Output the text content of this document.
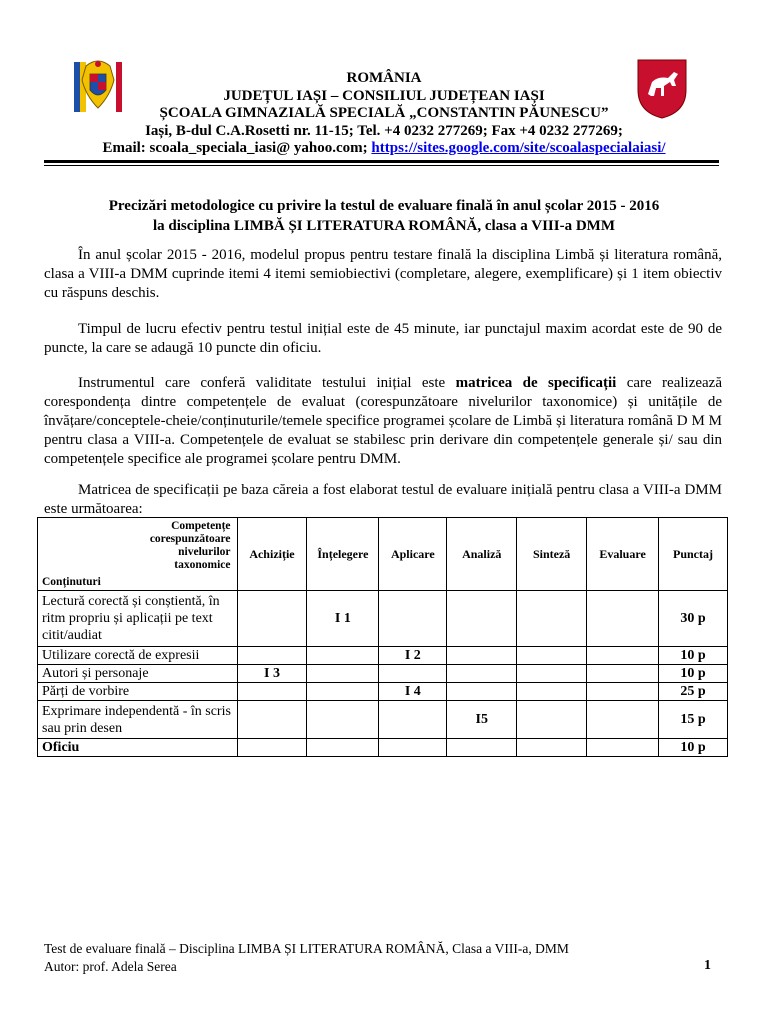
ROMÂNIA
JUDEȚUL IAȘI – CONSILIUL JUDEȚEAN IAȘI
ȘCOALA GIMNAZIALĂ SPECIALĂ „CONSTANTIN PĂUNESCU”
Iași, B-dul C.A.Rosetti nr. 11-15; Tel. +4 0232 277269; Fax +4 0232 277269;
Email: scoala_speciala_iasi@ yahoo.com; https://sites.google.com/site/scoalaspecialaiasi/
Precizări metodologice cu privire la testul de evaluare finală în anul școlar 2015 - 2016
la disciplina LIMBĂ ȘI LITERATURA ROMÂNĂ, clasa a VIII-a DMM

În anul școlar 2015 - 2016, modelul propus pentru testare finală la disciplina Limbă și literatura română, clasa a VIII-a DMM cuprinde itemi 4 itemi semiobiectivi (completare, alegere, exemplificare) și 1 item obiectiv cu răspuns deschis.

Timpul de lucru efectiv pentru testul inițial este de 45 minute, iar punctajul maxim acordat este de 90 de puncte, la care se adaugă 10 puncte din oficiu.

Instrumentul care conferă validitate testului inițial este matricea de specificații care realizează corespondența dintre competențele de evaluat (corespunzătoare nivelurilor taxonomice) și unitățile de învățare/conceptele-cheie/conținuturile/temele specifice programei școlare de Limbă și literatura română D M M pentru clasa a VIII-a. Competențele de evaluat se stabilesc prin derivare din competențele generale și/ sau din competențele specifice ale programei școlare pentru DMM.

Matricea de specificații pe baza căreia a fost elaborat testul de evaluare inițială pentru clasa a VIII-a DMM este următoarea:

Competențe
corespunzătoare
nivelurilor
taxonomice
Conținuturi	Achiziție	Înțelegere	Aplicare	Analiză	Sinteză	Evaluare	Punctaj
Lectură corectă și conștientă, în ritm propriu și aplicații pe text citit/audiat		I 1					30 p
Utilizare corectă de expresii			I 2				10 p
Autori și personaje	I 3						10 p
Părți de vorbire			I 4				25 p
Exprimare independentă - în scris sau prin desen				I5			15 p
Oficiu							10 p
Test de evaluare finală – Disciplina LIMBA ȘI LITERATURA ROMÂNĂ, Clasa a VIII-a, DMM
Autor: prof. Adela Serea	1
